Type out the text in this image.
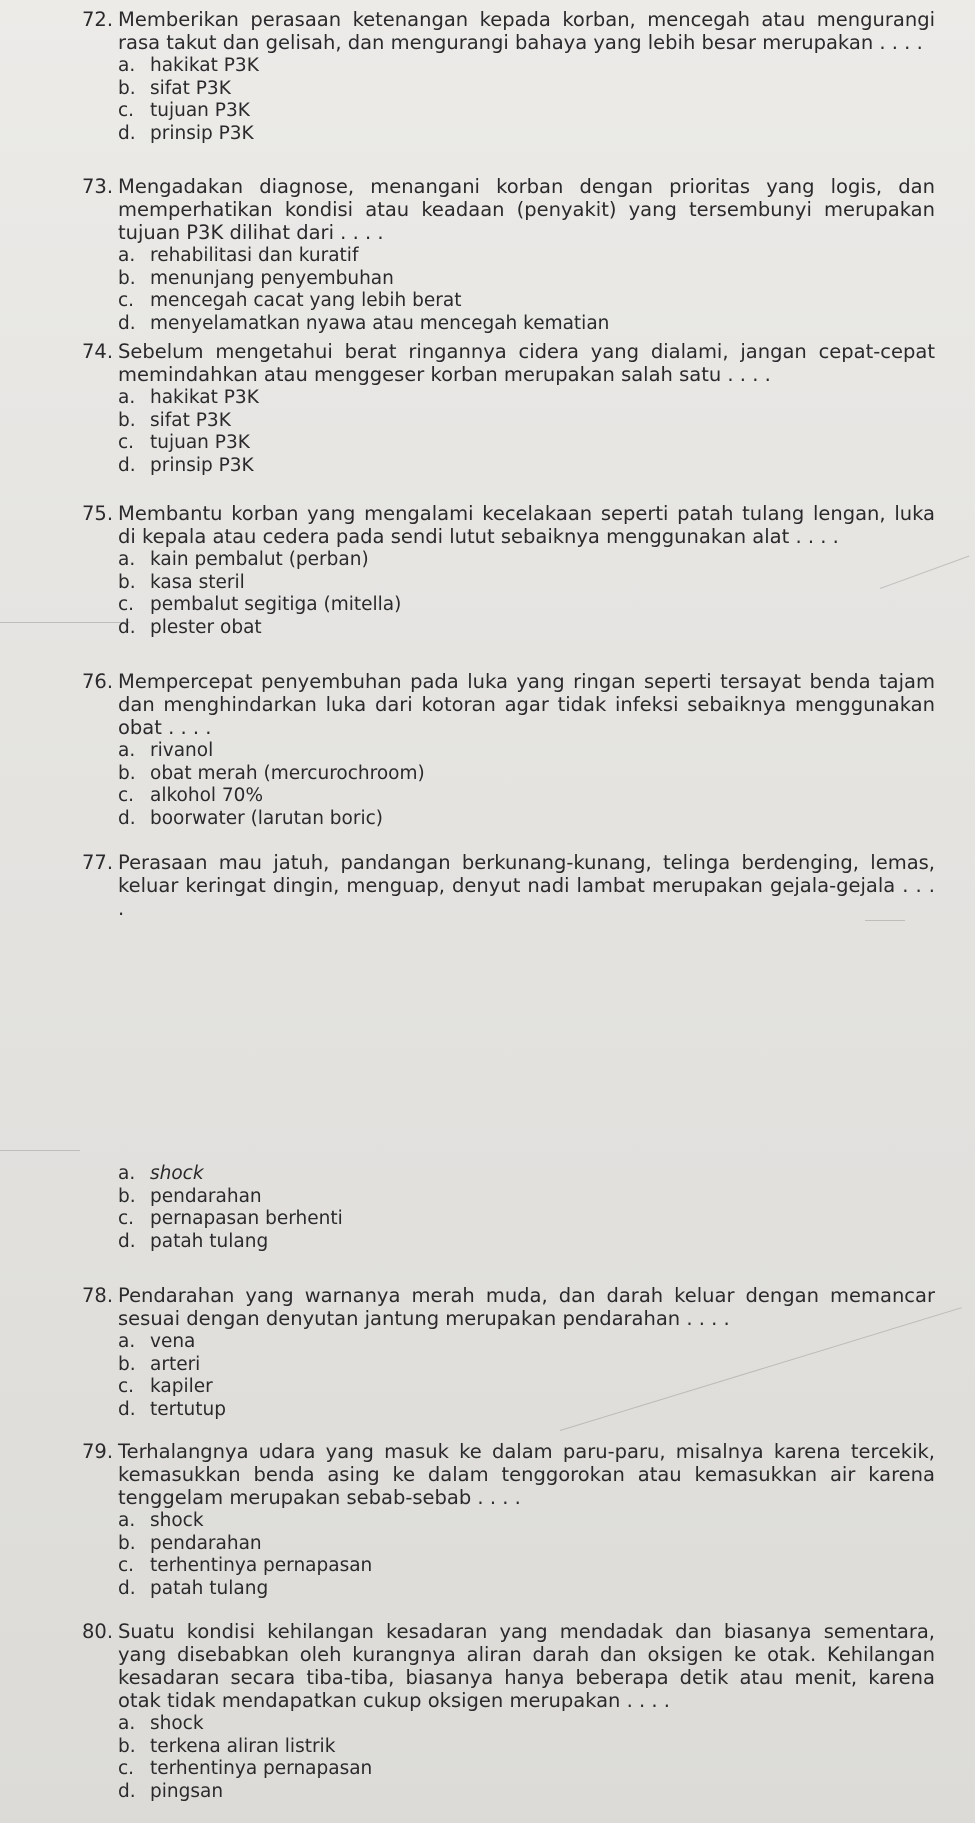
72. Memberikan perasaan ketenangan kepada korban, mencegah atau mengurangi rasa takut dan gelisah, dan mengurangi bahaya yang lebih besar merupakan . . . .
a. hakikat P3K
b. sifat P3K
c. tujuan P3K
d. prinsip P3K
73. Mengadakan diagnose, menangani korban dengan prioritas yang logis, dan memperhatikan kondisi atau keadaan (penyakit) yang tersembunyi merupakan tujuan P3K dilihat dari . . . .
a. rehabilitasi dan kuratif
b. menunjang penyembuhan
c. mencegah cacat yang lebih berat
d. menyelamatkan nyawa atau mencegah kematian
74. Sebelum mengetahui berat ringannya cidera yang dialami, jangan cepat-cepat memindahkan atau menggeser korban merupakan salah satu . . . .
a. hakikat P3K
b. sifat P3K
c. tujuan P3K
d. prinsip P3K
75. Membantu korban yang mengalami kecelakaan seperti patah tulang lengan, luka di kepala atau cedera pada sendi lutut sebaiknya menggunakan alat . . . .
a. kain pembalut (perban)
b. kasa steril
c. pembalut segitiga (mitella)
d. plester obat
76. Mempercepat penyembuhan pada luka yang ringan seperti tersayat benda tajam dan menghindarkan luka dari kotoran agar tidak infeksi sebaiknya menggunakan obat . . . .
a. rivanol
b. obat merah (mercurochroom)
c. alkohol 70%
d. boorwater (larutan boric)
77. Perasaan mau jatuh, pandangan berkunang-kunang, telinga berdenging, lemas, keluar keringat dingin, menguap, denyut nadi lambat merupakan gejala-gejala . . . .
a. shock
b. pendarahan
c. pernapasan berhenti
d. patah tulang
78. Pendarahan yang warnanya merah muda, dan darah keluar dengan memancar sesuai dengan denyutan jantung merupakan pendarahan . . . .
a. vena
b. arteri
c. kapiler
d. tertutup
79. Terhalangnya udara yang masuk ke dalam paru-paru, misalnya karena tercekik, kemasukkan benda asing ke dalam tenggorokan atau kemasukkan air karena tenggelam merupakan sebab-sebab . . . .
a. shock
b. pendarahan
c. terhentinya pernapasan
d. patah tulang
80. Suatu kondisi kehilangan kesadaran yang mendadak dan biasanya sementara, yang disebabkan oleh kurangnya aliran darah dan oksigen ke otak. Kehilangan kesadaran secara tiba-tiba, biasanya hanya beberapa detik atau menit, karena otak tidak mendapatkan cukup oksigen merupakan . . . .
a. shock
b. terkena aliran listrik
c. terhentinya pernapasan
d. pingsan
